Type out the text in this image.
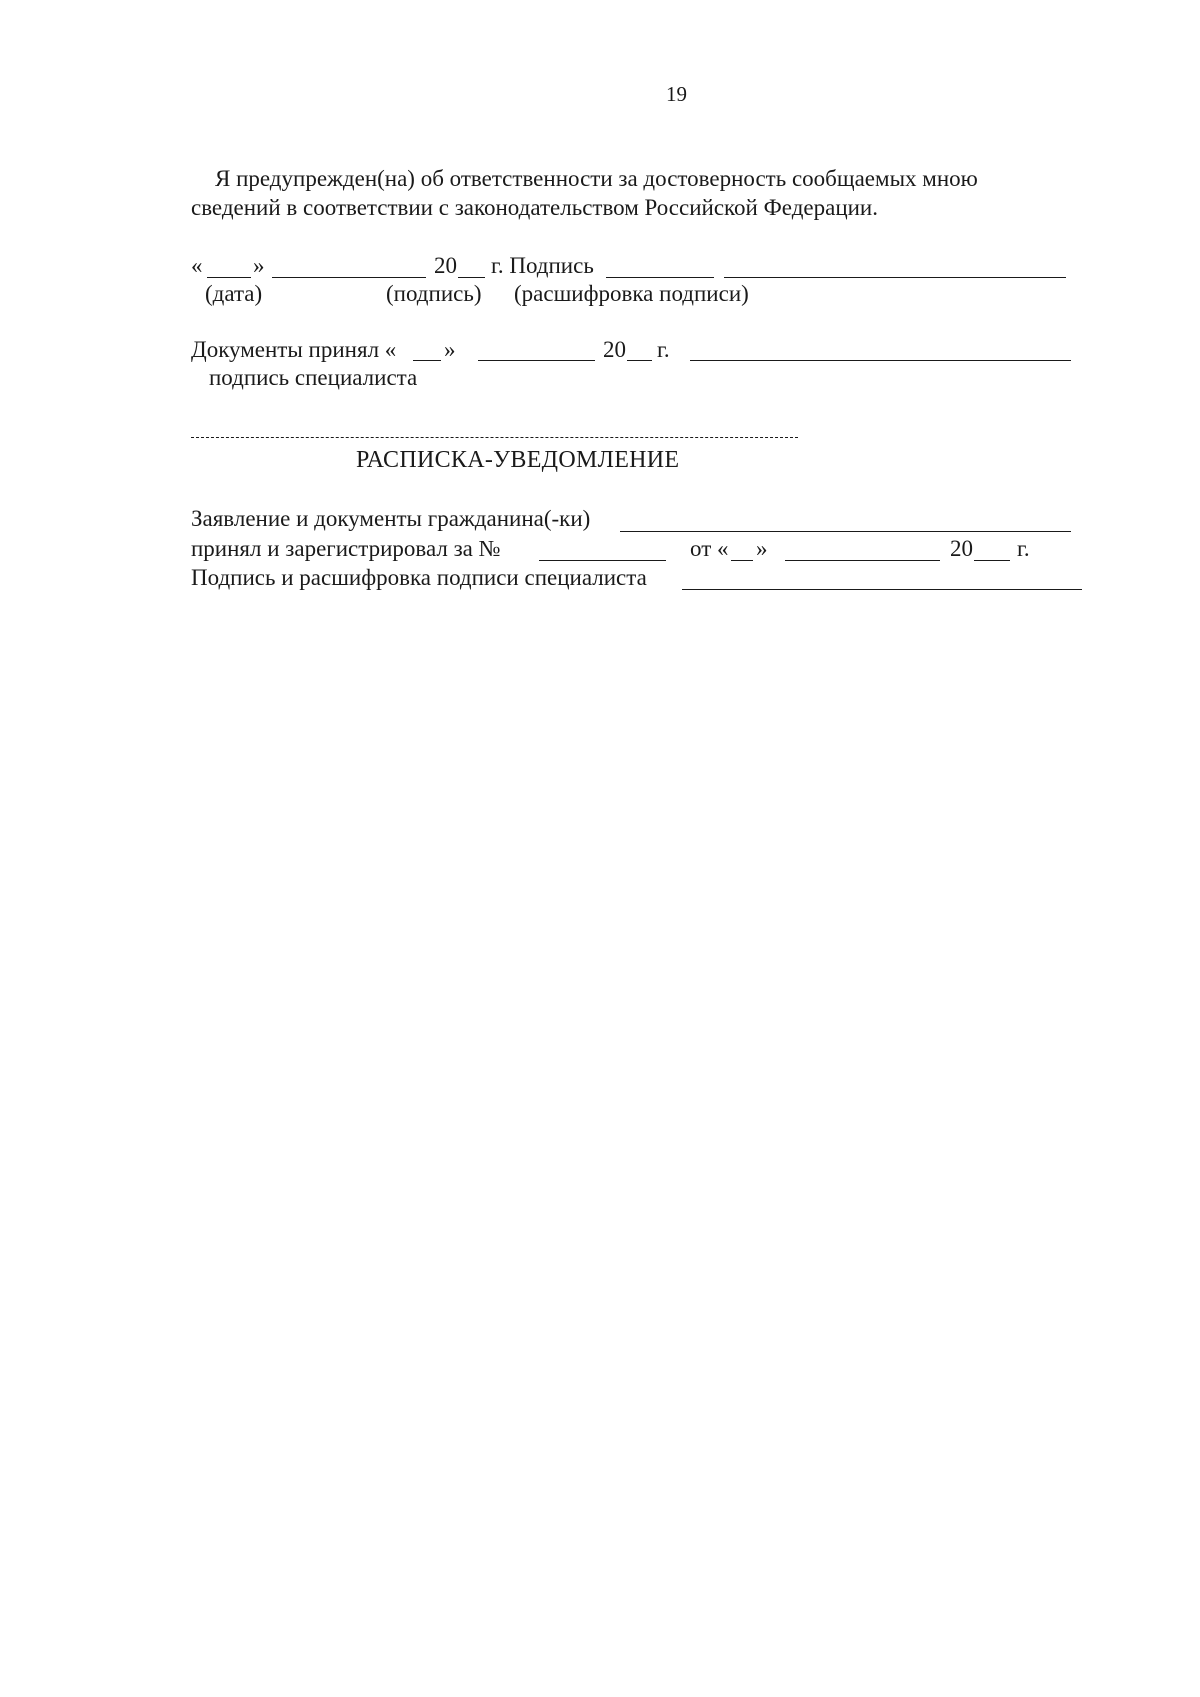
19
Я предупрежден(на) об ответственности за достоверность сообщаемых мною
сведений в соответствии с законодательством Российской Федерации.
« »	20 г. Подпись
(дата)	(подпись) (расшифровка подписи)
Документы принял « »	20 г.
подпись специалиста
РАСПИСКА-УВЕДОМЛЕНИЕ
Заявление и документы гражданина(-ки)
принял и зарегистрировал за №	от « »	20 г.
Подпись и расшифровка подписи специалиста
